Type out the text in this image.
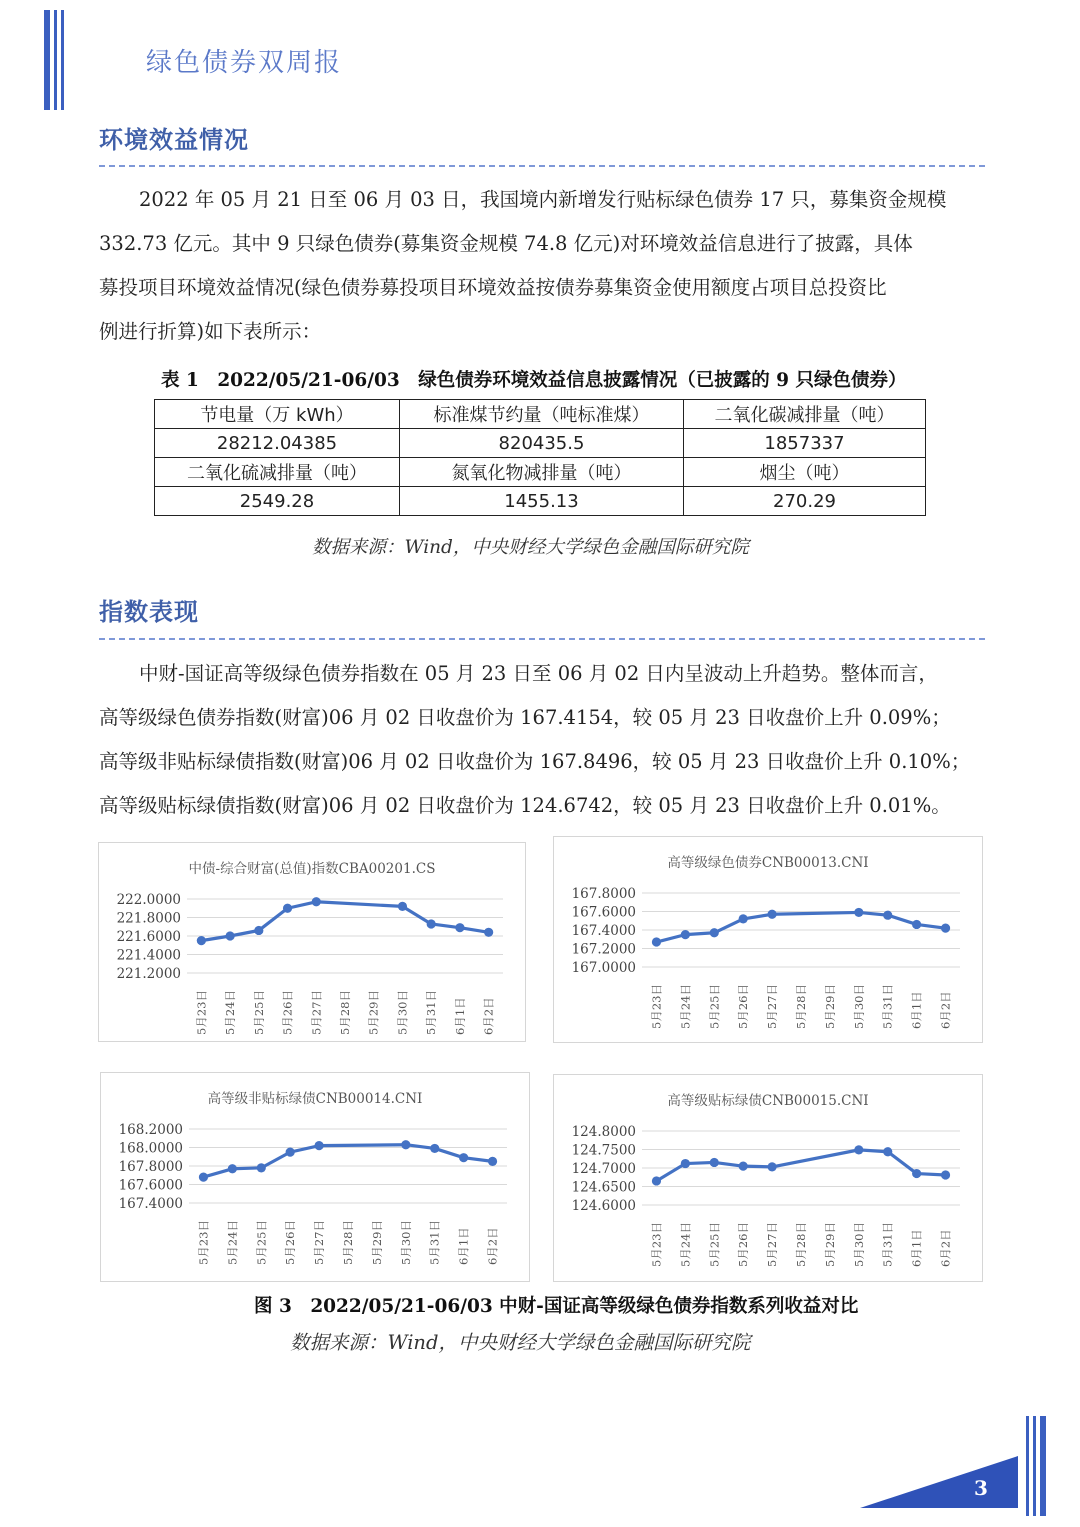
绿色债券双周报
环境效益情况
2022 年 05 月 21 日至 06 月 03 日，我国境内新增发行贴标绿色债券 17 只，募集资金规模
332.73 亿元。其中 9 只绿色债券(募集资金规模 74.8 亿元)对环境效益信息进行了披露，具体
募投项目环境效益情况(绿色债券募投项目环境效益按债券募集资金使用额度占项目总投资比
例进行折算)如下表所示：
表 1　2022/05/21-06/03　绿色债券环境效益信息披露情况（已披露的 9 只绿色债券）
节电量（万 kWh）	标准煤节约量（吨标准煤）	二氧化碳减排量（吨）
28212.04385	820435.5	1857337
二氧化硫减排量（吨）	氮氧化物减排量（吨）	烟尘（吨）
2549.28	1455.13	270.29
数据来源：Wind，中央财经大学绿色金融国际研究院
指数表现
中财-国证高等级绿色债券指数在 05 月 23 日至 06 月 02 日内呈波动上升趋势。整体而言，
高等级绿色债券指数(财富)06 月 02 日收盘价为 167.4154，较 05 月 23 日收盘价上升 0.09%；
高等级非贴标绿债指数(财富)06 月 02 日收盘价为 167.8496，较 05 月 23 日收盘价上升 0.10%；
高等级贴标绿债指数(财富)06 月 02 日收盘价为 124.6742，较 05 月 23 日收盘价上升 0.01%。
中债-综合财富(总值)指数CBA00201.CS
221.2000
221.4000
221.6000
221.8000
222.0000
5月23日 5月24日 5月25日 5月26日 5月27日 5月28日 5月29日 5月30日 5月31日 6月1日 6月2日
高等级绿色债券CNB00013.CNI
167.0000
167.2000
167.4000
167.6000
167.8000
5月23日 5月24日 5月25日 5月26日 5月27日 5月28日 5月29日 5月30日 5月31日 6月1日 6月2日
高等级非贴标绿债CNB00014.CNI
167.4000
167.6000
167.8000
168.0000
168.2000
5月23日 5月24日 5月25日 5月26日 5月27日 5月28日 5月29日 5月30日 5月31日 6月1日 6月2日
高等级贴标绿债CNB00015.CNI
124.6000
124.6500
124.7000
124.7500
124.8000
5月23日 5月24日 5月25日 5月26日 5月27日 5月28日 5月29日 5月30日 5月31日 6月1日 6月2日
图 3　2022/05/21-06/03 中财-国证高等级绿色债券指数系列收益对比
数据来源：Wind，中央财经大学绿色金融国际研究院
3
